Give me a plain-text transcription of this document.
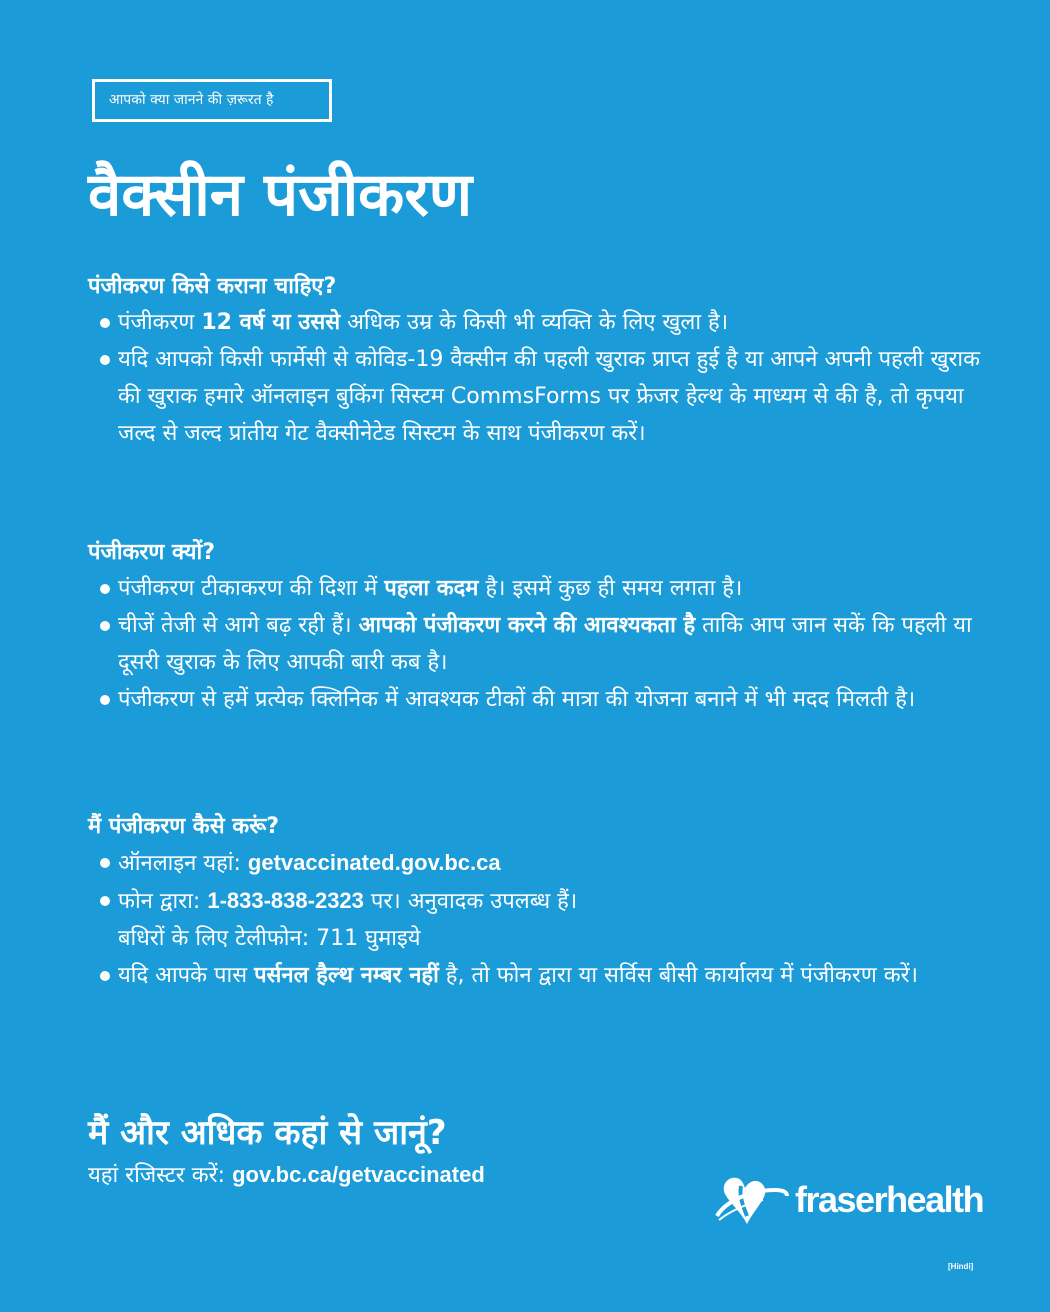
आपको क्या जानने की ज़रूरत है
वैक्सीन पंजीकरण
पंजीकरण किसे कराना चाहिए?
पंजीकरण 12 वर्ष या उससे अधिक उम्र के किसी भी व्यक्ति के लिए खुला है।
यदि आपको किसी फार्मेसी से कोविड-19 वैक्सीन की पहली खुराक प्राप्त हुई है या आपने अपनी पहली खुराक की खुराक हमारे ऑनलाइन बुकिंग सिस्टम CommsForms पर फ्रेजर हेल्थ के माध्यम से की है, तो कृपया जल्द से जल्द प्रांतीय गेट वैक्सीनेटेड सिस्टम के साथ पंजीकरण करें।
पंजीकरण क्यों?
पंजीकरण टीकाकरण की दिशा में पहला कदम है। इसमें कुछ ही समय लगता है।
चीजें तेजी से आगे बढ़ रही हैं। आपको पंजीकरण करने की आवश्यकता है ताकि आप जान सकें कि पहली या दूसरी खुराक के लिए आपकी बारी कब है।
पंजीकरण से हमें प्रत्येक क्लिनिक में आवश्यक टीकों की मात्रा की योजना बनाने में भी मदद मिलती है।
मैं पंजीकरण कैसे करूं?
ऑनलाइन यहां: getvaccinated.gov.bc.ca
फोन द्वारा: 1-833-838-2323 पर। अनुवादक उपलब्ध हैं।
बधिरों के लिए टेलीफोन: 711 घुमाइये
यदि आपके पास पर्सनल हैल्थ नम्बर नहीं है, तो फोन द्वारा या सर्विस बीसी कार्यालय में पंजीकरण करें।
मैं और अधिक कहां से जानूं?
यहां रजिस्टर करें: gov.bc.ca/getvaccinated
fraserhealth
[Hindi]
